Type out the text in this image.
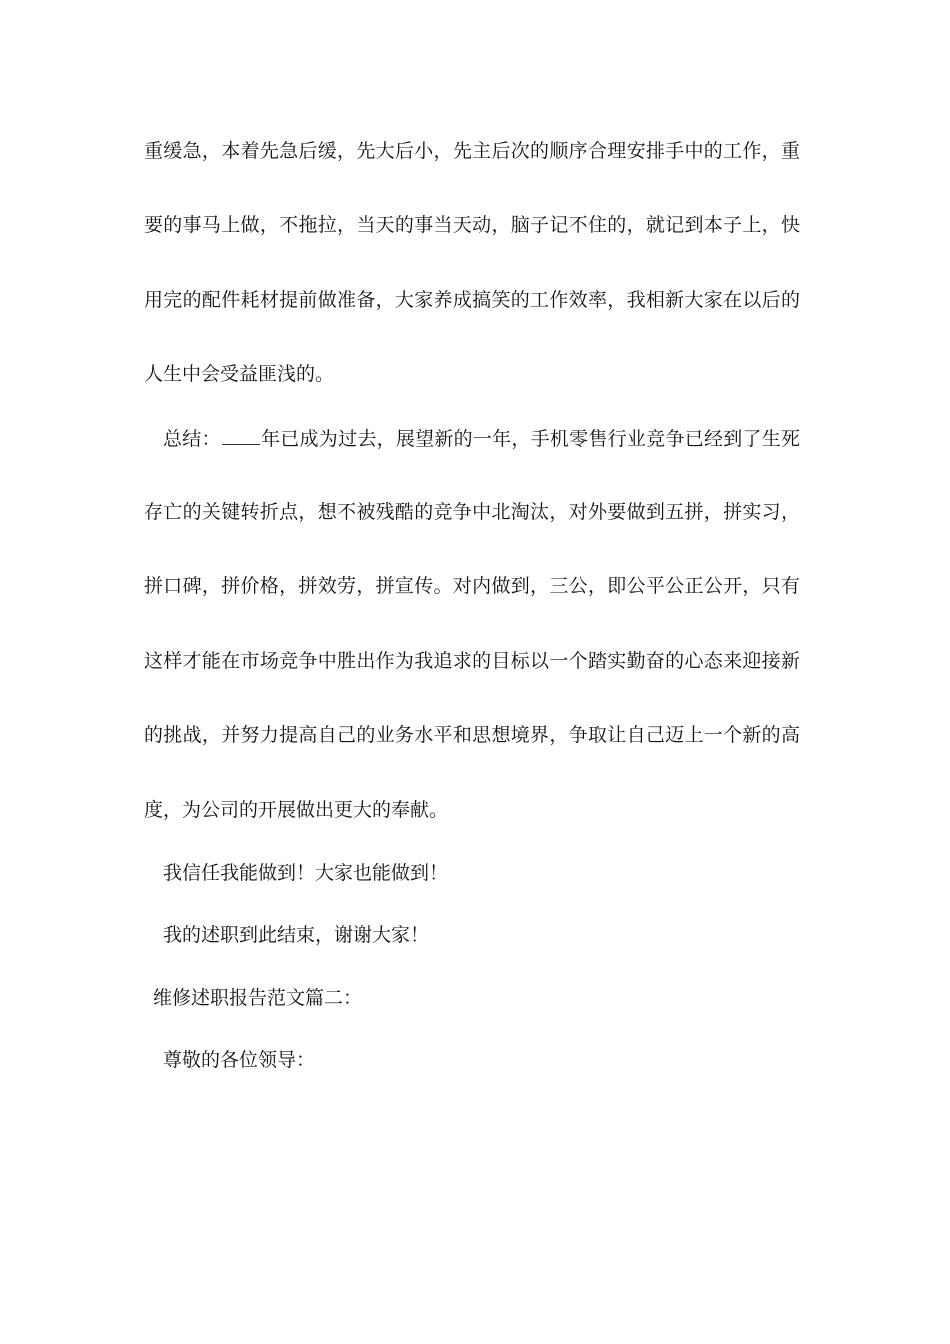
重缓急，本着先急后缓，先大后小，先主后次的顺序合理安排手中的工作，重
要的事马上做，不拖拉，当天的事当天动，脑子记不住的，就记到本子上，快
用完的配件耗材提前做准备，大家养成搞笑的工作效率，我相新大家在以后的
人生中会受益匪浅的。
总结： 年已成为过去，展望新的一年，手机零售行业竞争已经到了生死
存亡的关键转折点，想不被残酷的竞争中北淘汰，对外要做到五拼，拼实习，
拼口碑，拼价格，拼效劳，拼宣传。对内做到，三公，即公平公正公开，只有
这样才能在市场竞争中胜出作为我追求的目标以一个踏实勤奋的心态来迎接新
的挑战，并努力提高自己的业务水平和思想境界，争取让自己迈上一个新的高
度，为公司的开展做出更大的奉献。
我信任我能做到！大家也能做到！
我的述职到此结束，谢谢大家！
维修述职报告范文篇二：
尊敬的各位领导：
